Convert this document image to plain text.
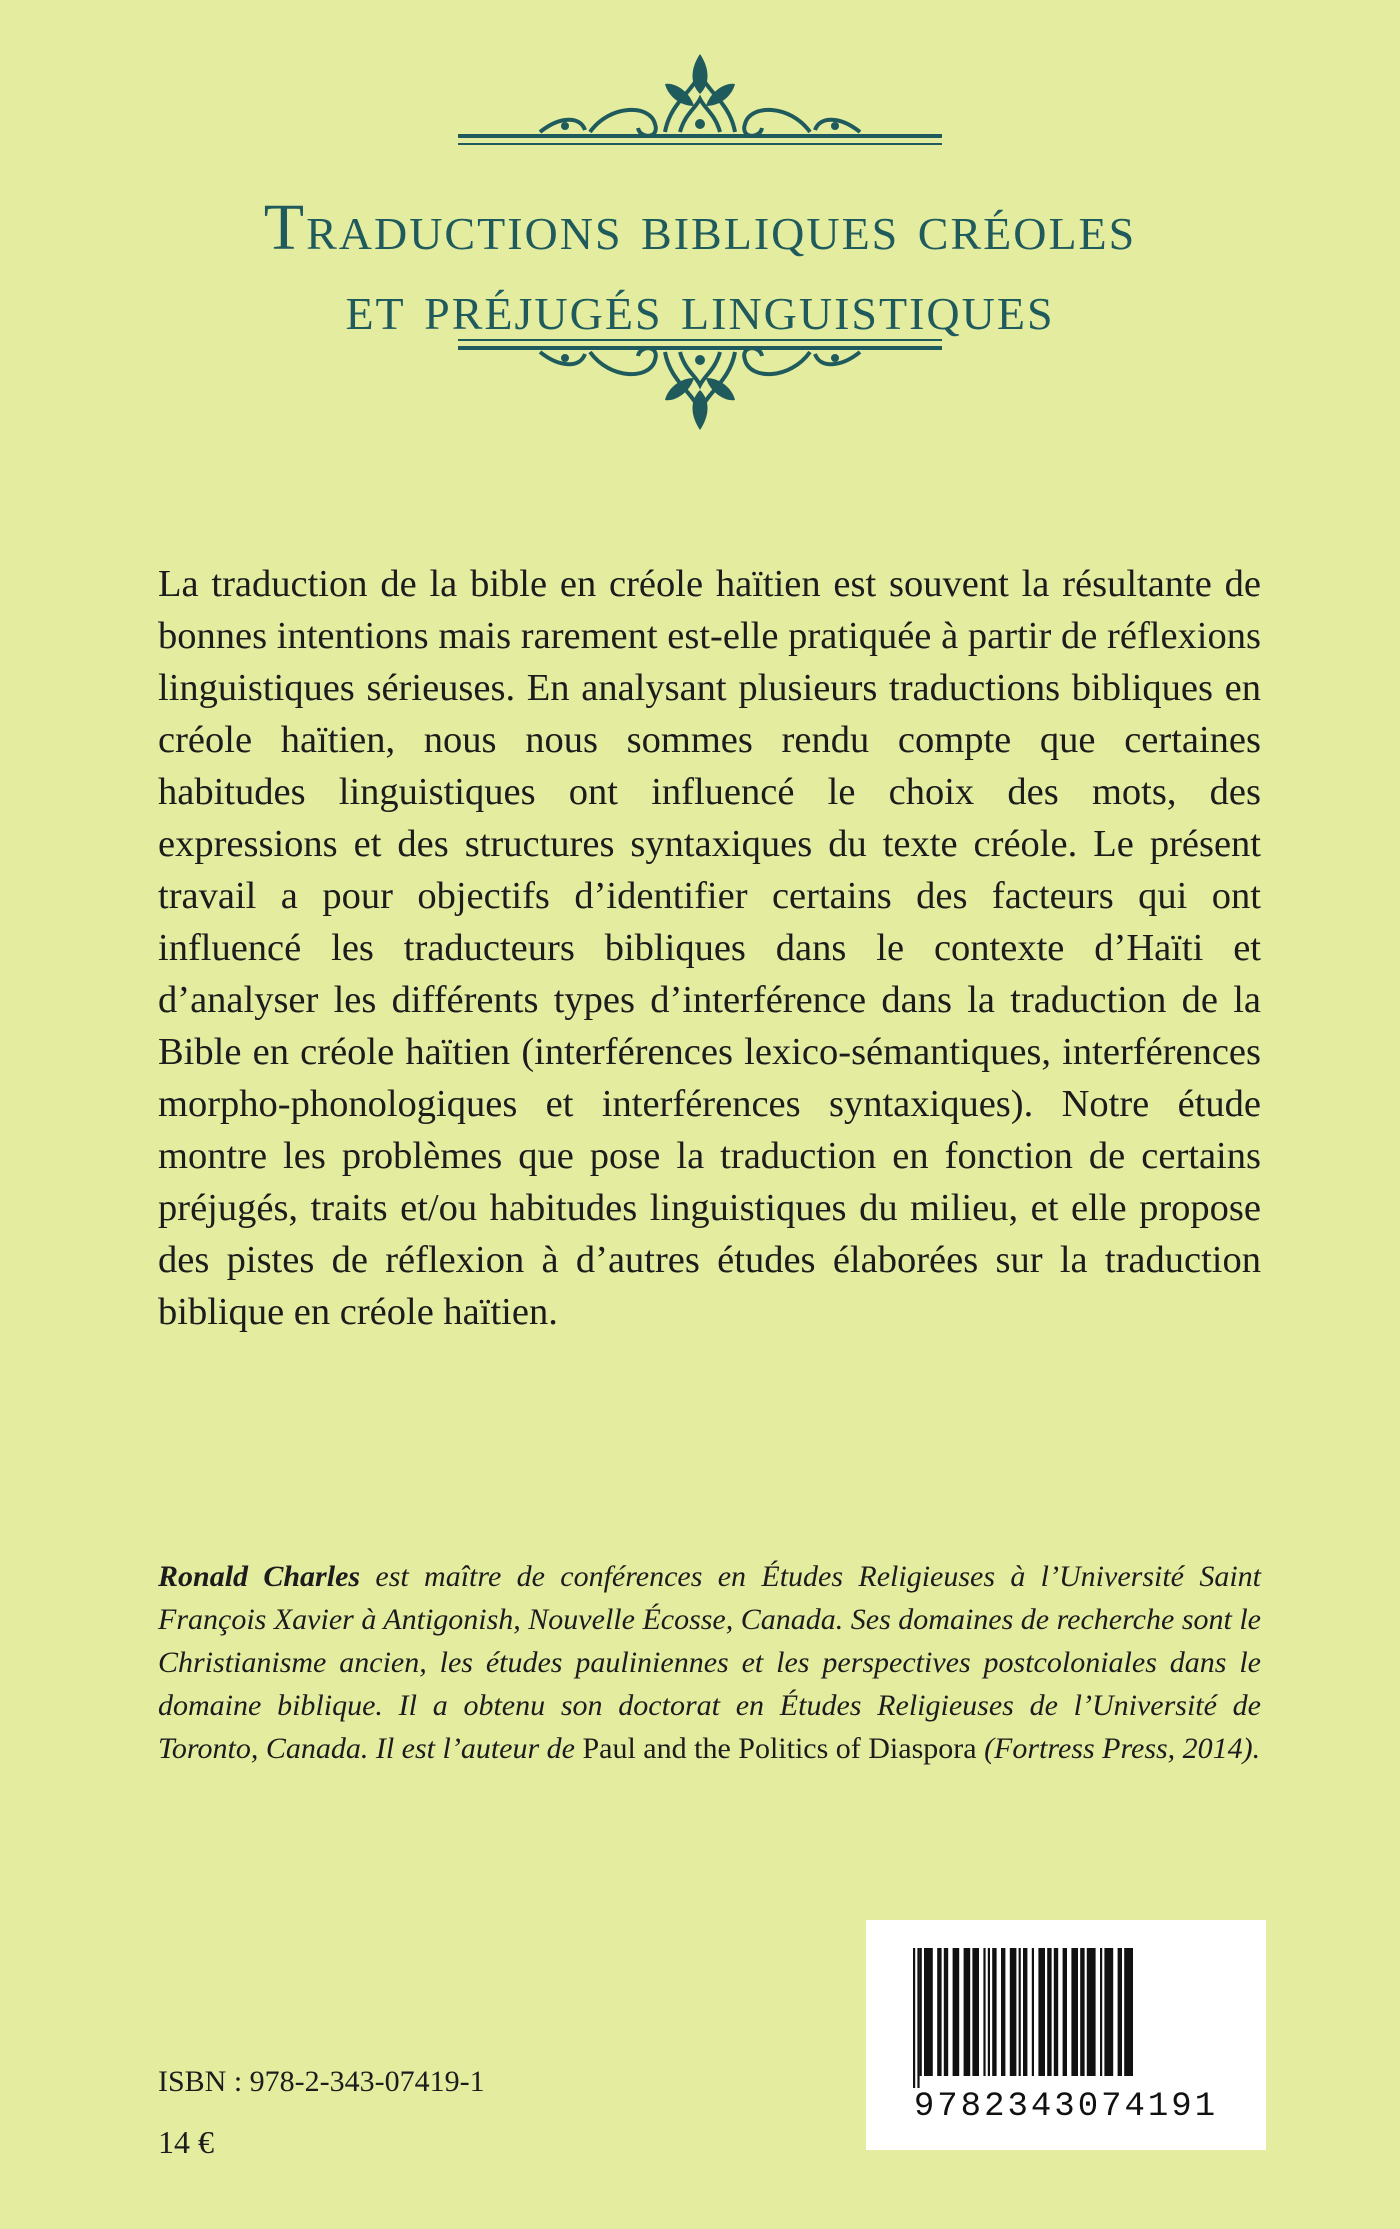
Traductions bibliques créoles
et préjugés linguistiques

La traduction de la bible en créole haïtien est souvent la résultante de bonnes intentions mais rarement est-elle pratiquée à partir de réflexions linguistiques sérieuses. En analysant plusieurs traductions bibliques en créole haïtien, nous nous sommes rendu compte que certaines habitudes linguistiques ont influencé le choix des mots, des expressions et des structures syntaxiques du texte créole. Le présent travail a pour objectifs d’identifier certains des facteurs qui ont influencé les traducteurs bibliques dans le contexte d’Haïti et d’analyser les différents types d’interférence dans la traduction de la Bible en créole haïtien (interférences lexico-sémantiques, interférences morpho-phonologiques et interférences syntaxiques). Notre étude montre les problèmes que pose la traduction en fonction de certains préjugés, traits et/ou habitudes linguistiques du milieu, et elle propose des pistes de réflexion à d’autres études élaborées sur la traduction biblique en créole haïtien.

Ronald Charles est maître de conférences en Études Religieuses à l’Université Saint François Xavier à Antigonish, Nouvelle Écosse, Canada. Ses domaines de recherche sont le Christianisme ancien, les études pauliniennes et les perspectives postcoloniales dans le domaine biblique. Il a obtenu son doctorat en Études Religieuses de l’Université de Toronto, Canada. Il est l’auteur de Paul and the Politics of Diaspora (Fortress Press, 2014).

ISBN : 978-2-343-07419-1
14 €
9782343074191
